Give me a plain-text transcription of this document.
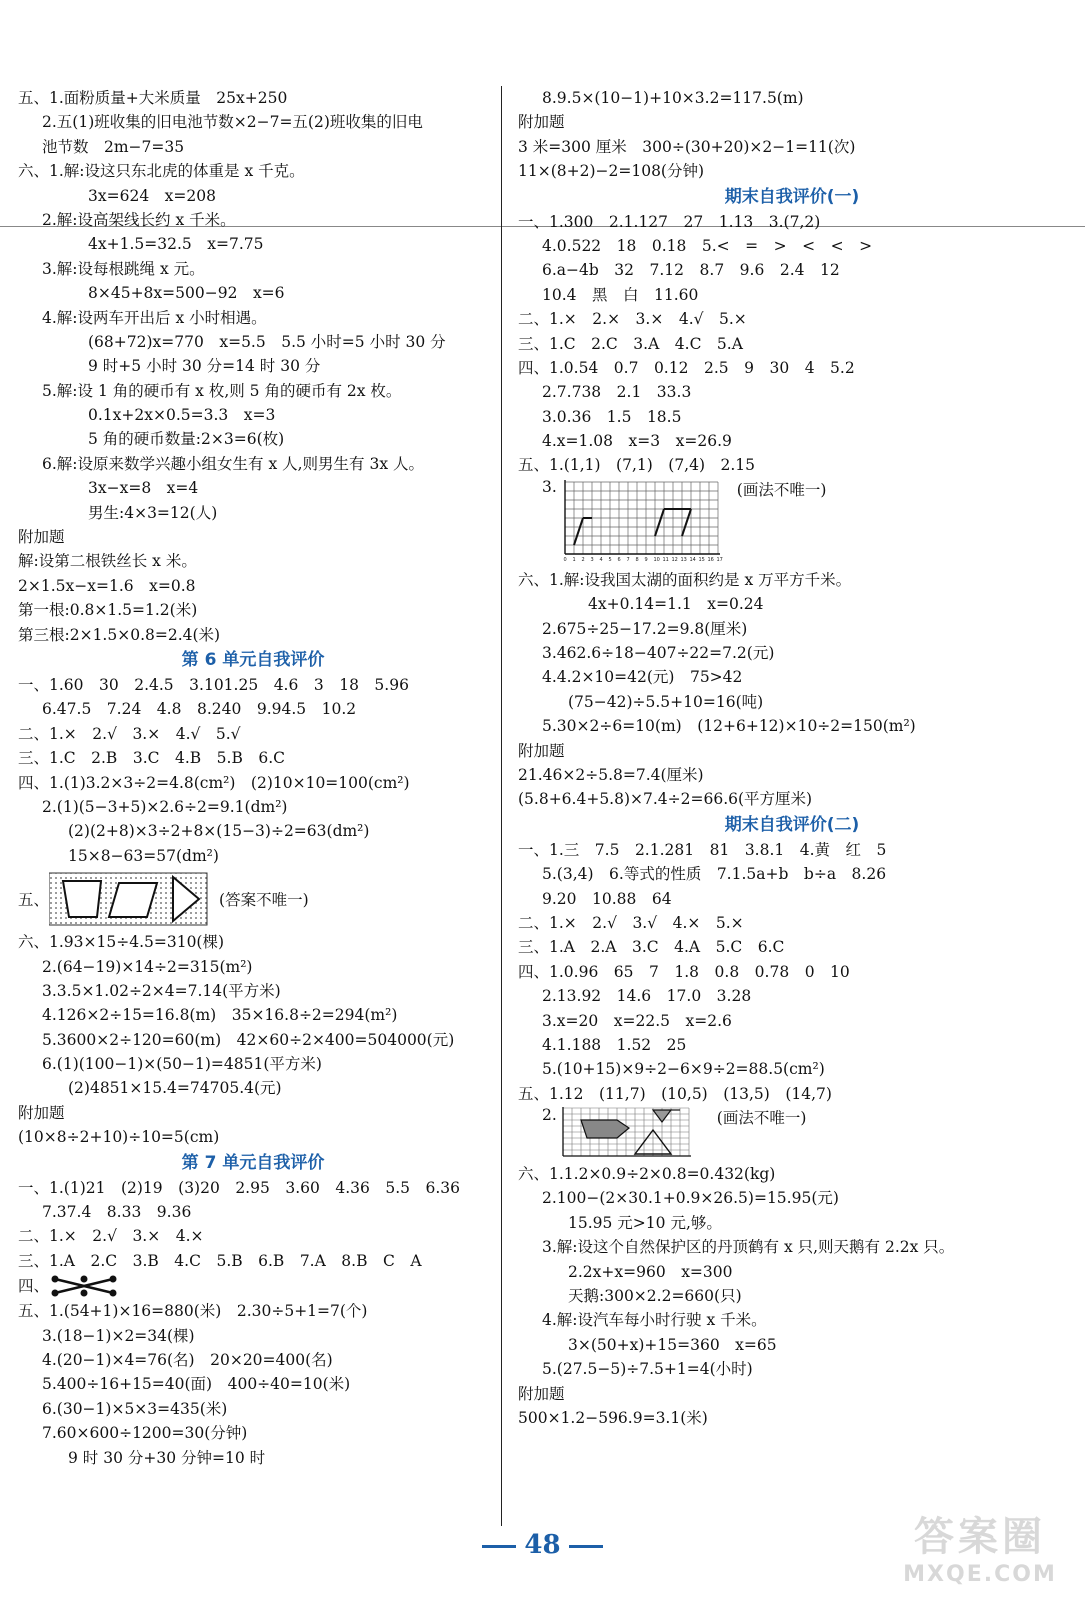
五、1.面粉质量+大米质量　25x+250
2.五(1)班收集的旧电池节数×2−7=五(2)班收集的旧电
池节数　2m−7=35
六、1.解:设这只东北虎的体重是 x 千克。
3x=624　x=208
2.解:设高架线长约 x 千米。
4x+1.5=32.5　x=7.75
3.解:设每根跳绳 x 元。
8×45+8x=500−92　x=6
4.解:设两车开出后 x 小时相遇。
(68+72)x=770　x=5.5　5.5 小时=5 小时 30 分
9 时+5 小时 30 分=14 时 30 分
5.解:设 1 角的硬币有 x 枚,则 5 角的硬币有 2x 枚。
0.1x+2x×0.5=3.3　x=3
5 角的硬币数量:2×3=6(枚)
6.解:设原来数学兴趣小组女生有 x 人,则男生有 3x 人。
3x−x=8　x=4
男生:4×3=12(人)
附加题
解:设第二根铁丝长 x 米。
2×1.5x−x=1.6　x=0.8
第一根:0.8×1.5=1.2(米)
第三根:2×1.5×0.8=2.4(米)
第 6 单元自我评价
一、1.60　30　2.4.5　3.101.25　4.6　3　18　5.96
6.47.5　7.24　4.8　8.240　9.94.5　10.2
二、1.×　2.√　3.×　4.√　5.√
三、1.C　2.B　3.C　4.B　5.B　6.C
四、1.(1)3.2×3÷2=4.8(cm²)　(2)10×10=100(cm²)
2.(1)(5−3+5)×2.6÷2=9.1(dm²)
(2)(2+8)×3÷2+8×(15−3)÷2=63(dm²)
15×8−63=57(dm²)
五、	(答案不唯一)
六、1.93×15÷4.5=310(棵)
2.(64−19)×14÷2=315(m²)
3.3.5×1.02÷2×4=7.14(平方米)
4.126×2÷15=16.8(m)　35×16.8÷2=294(m²)
5.3600×2÷120=60(m)　42×60÷2×400=504000(元)
6.(1)(100−1)×(50−1)=4851(平方米)
(2)4851×15.4=74705.4(元)
附加题
(10×8÷2+10)÷10=5(cm)
第 7 单元自我评价
一、1.(1)21　(2)19　(3)20　2.95　3.60　4.36　5.5　6.36
7.37.4　8.33　9.36
二、1.×　2.√　3.×　4.×
三、1.A　2.C　3.B　4.C　5.B　6.B　7.A　8.B　C　A
四、
五、1.(54+1)×16=880(米)　2.30÷5+1=7(个)
3.(18−1)×2=34(棵)
4.(20−1)×4=76(名)　20×20=400(名)
5.400÷16+15=40(面)　400÷40=10(米)
6.(30−1)×5×3=435(米)
7.60×600÷1200=30(分钟)
9 时 30 分+30 分钟=10 时
8.9.5×(10−1)+10×3.2=117.5(m)
附加题
3 米=300 厘米　300÷(30+20)×2−1=11(次)
11×(8+2)−2=108(分钟)
期末自我评价(一)
一、1.300　2.1.127　27　1.13　3.(7,2)
4.0.522　18　0.18　5.<　=　>　<　<　>
6.a−4b　32　7.12　8.7　9.6　2.4　12
10.4　黑　白　11.60
二、1.×　2.×　3.×　4.√　5.×
三、1.C　2.C　3.A　4.C　5.A
四、1.0.54　0.7　0.12　2.5　9　30　4　5.2
2.7.738　2.1　33.3
3.0.36　1.5　18.5
4.x=1.08　x=3　x=26.9
五、1.(1,1)　(7,1)　(7,4)　2.15
3.
0 1 2 3 4 5 6 7 8 9 10 11 12 13 14 15 16 17
(画法不唯一)
六、1.解:设我国太湖的面积约是 x 万平方千米。
4x+0.14=1.1　x=0.24
2.675÷25−17.2=9.8(厘米)
3.462.6÷18−407÷22=7.2(元)
4.4.2×10=42(元)　75>42
(75−42)÷5.5+10=16(吨)
5.30×2÷6=10(m)　(12+6+12)×10÷2=150(m²)
附加题
21.46×2÷5.8=7.4(厘米)
(5.8+6.4+5.8)×7.4÷2=66.6(平方厘米)
期末自我评价(二)
一、1.三　7.5　2.1.281　81　3.8.1　4.黄　红　5
5.(3,4)　6.等式的性质　7.1.5a+b　b÷a　8.26
9.20　10.88　64
二、1.×　2.√　3.√　4.×　5.×
三、1.A　2.A　3.C　4.A　5.C　6.C
四、1.0.96　65　7　1.8　0.8　0.78　0　10
2.13.92　14.6　17.0　3.28
3.x=20　x=22.5　x=2.6
4.1.188　1.52　25
5.(10+15)×9÷2−6×9÷2=88.5(cm²)
五、1.12　(11,7)　(10,5)　(13,5)　(14,7)
2.	(画法不唯一)
六、1.1.2×0.9÷2×0.8=0.432(kg)
2.100−(2×30.1+0.9×26.5)=15.95(元)
15.95 元>10 元,够。
3.解:设这个自然保护区的丹顶鹤有 x 只,则天鹅有 2.2x 只。
2.2x+x=960　x=300
天鹅:300×2.2=660(只)
4.解:设汽车每小时行驶 x 千米。
3×(50+x)+15=360　x=65
5.(27.5−5)÷7.5+1=4(小时)
附加题
500×1.2−596.9=3.1(米)
48	答案圈
MXQE.COM
